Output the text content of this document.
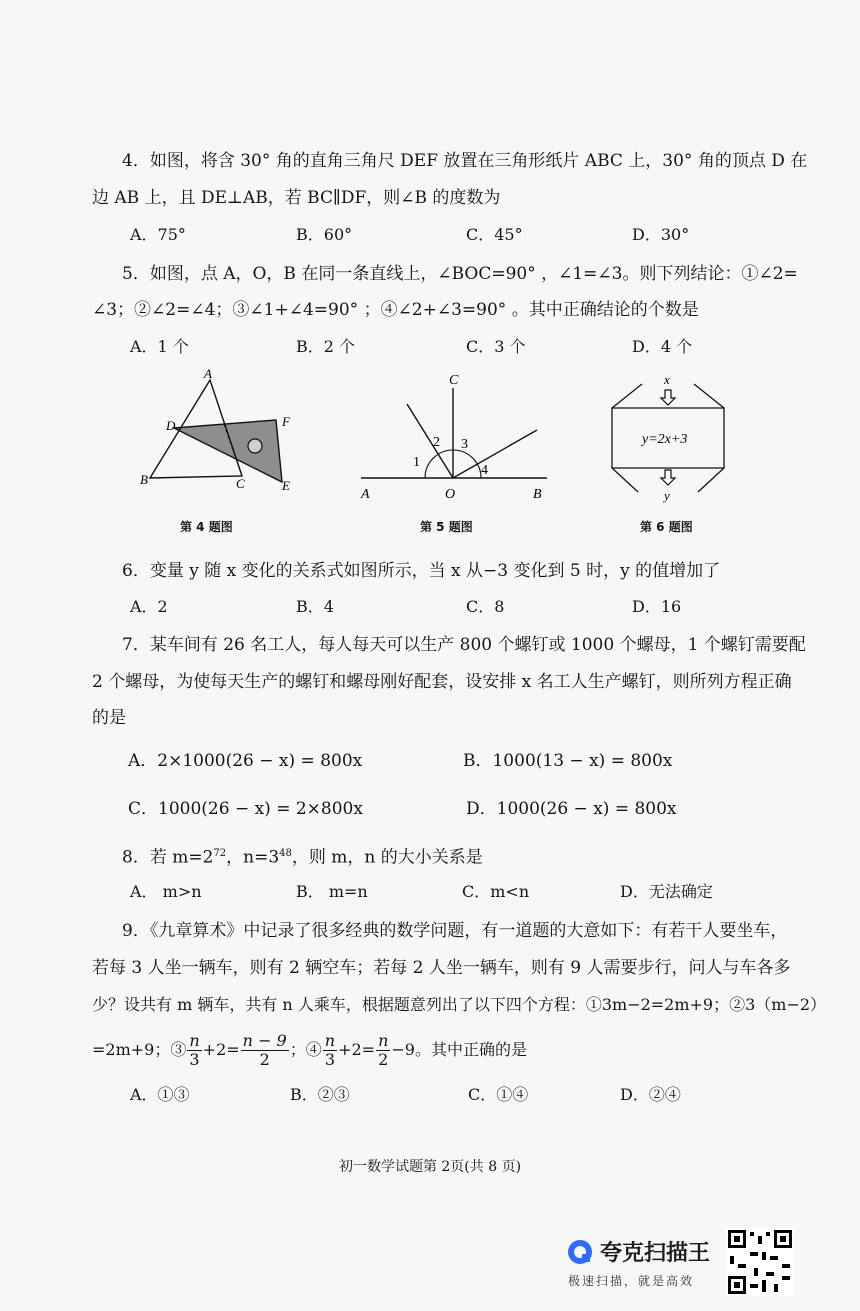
4．如图，将含 30° 角的直角三角尺 DEF 放置在三角形纸片 ABC 上，30° 角的顶点 D 在
边 AB 上，且 DE⊥AB，若 BC∥DF，则∠B 的度数为
A．75°	B．60°	C．45°	D．30°
5．如图，点 A，O，B 在同一条直线上，∠BOC=90° ，∠1=∠3。则下列结论：①∠2=
∠3；②∠2=∠4；③∠1+∠4=90° ；④∠2+∠3=90° 。其中正确结论的个数是
A．1 个	B．2 个	C．3 个	D．4 个
A
D	F
B	C	E
第 4 题图
C
2 3
1
4
A	O	B
第 5 题图
x
y=2x+3
y
第 6 题图
6．变量 y 随 x 变化的关系式如图所示，当 x 从−3 变化到 5 时，y 的值增加了
A．2	B．4	C．8	D．16
7．某车间有 26 名工人，每人每天可以生产 800 个螺钉或 1000 个螺母，1 个螺钉需要配
2 个螺母，为使每天生产的螺钉和螺母刚好配套，设安排 x 名工人生产螺钉，则所列方程正确
的是
A．2×1000(26 − x) = 800x	B．1000(13 − x) = 800x
C．1000(26 − x) = 2×800x	D．1000(26 − x) = 800x
8．若 $m=2^{72}$，$n=3^{48}$，则 m，n 的大小关系是
A． m>n	B． m=n	C．m<n	D．无法确定
9．《九章算术》中记录了很多经典的数学问题，有一道题的大意如下：有若干人要坐车，
若每 3 人坐一辆车，则有 2 辆空车；若每 2 人坐一辆车，则有 9 人需要步行，问人与车各多
少？设共有 m 辆车，共有 n 人乘车，根据题意列出了以下四个方程：①3m−2=2m+9；②3（m−2）
=2m+9；③ $\frac{n}{3} +2= \frac{n - 9}{2}$ ；④ $\frac{n}{3} +2= \frac{n}{2} -9$。其中正确的是
A．①③	B．②③	C．①④	D．②④
初一数学试题第 2页(共 8 页)
夸克扫描王
极速扫描，就是高效
